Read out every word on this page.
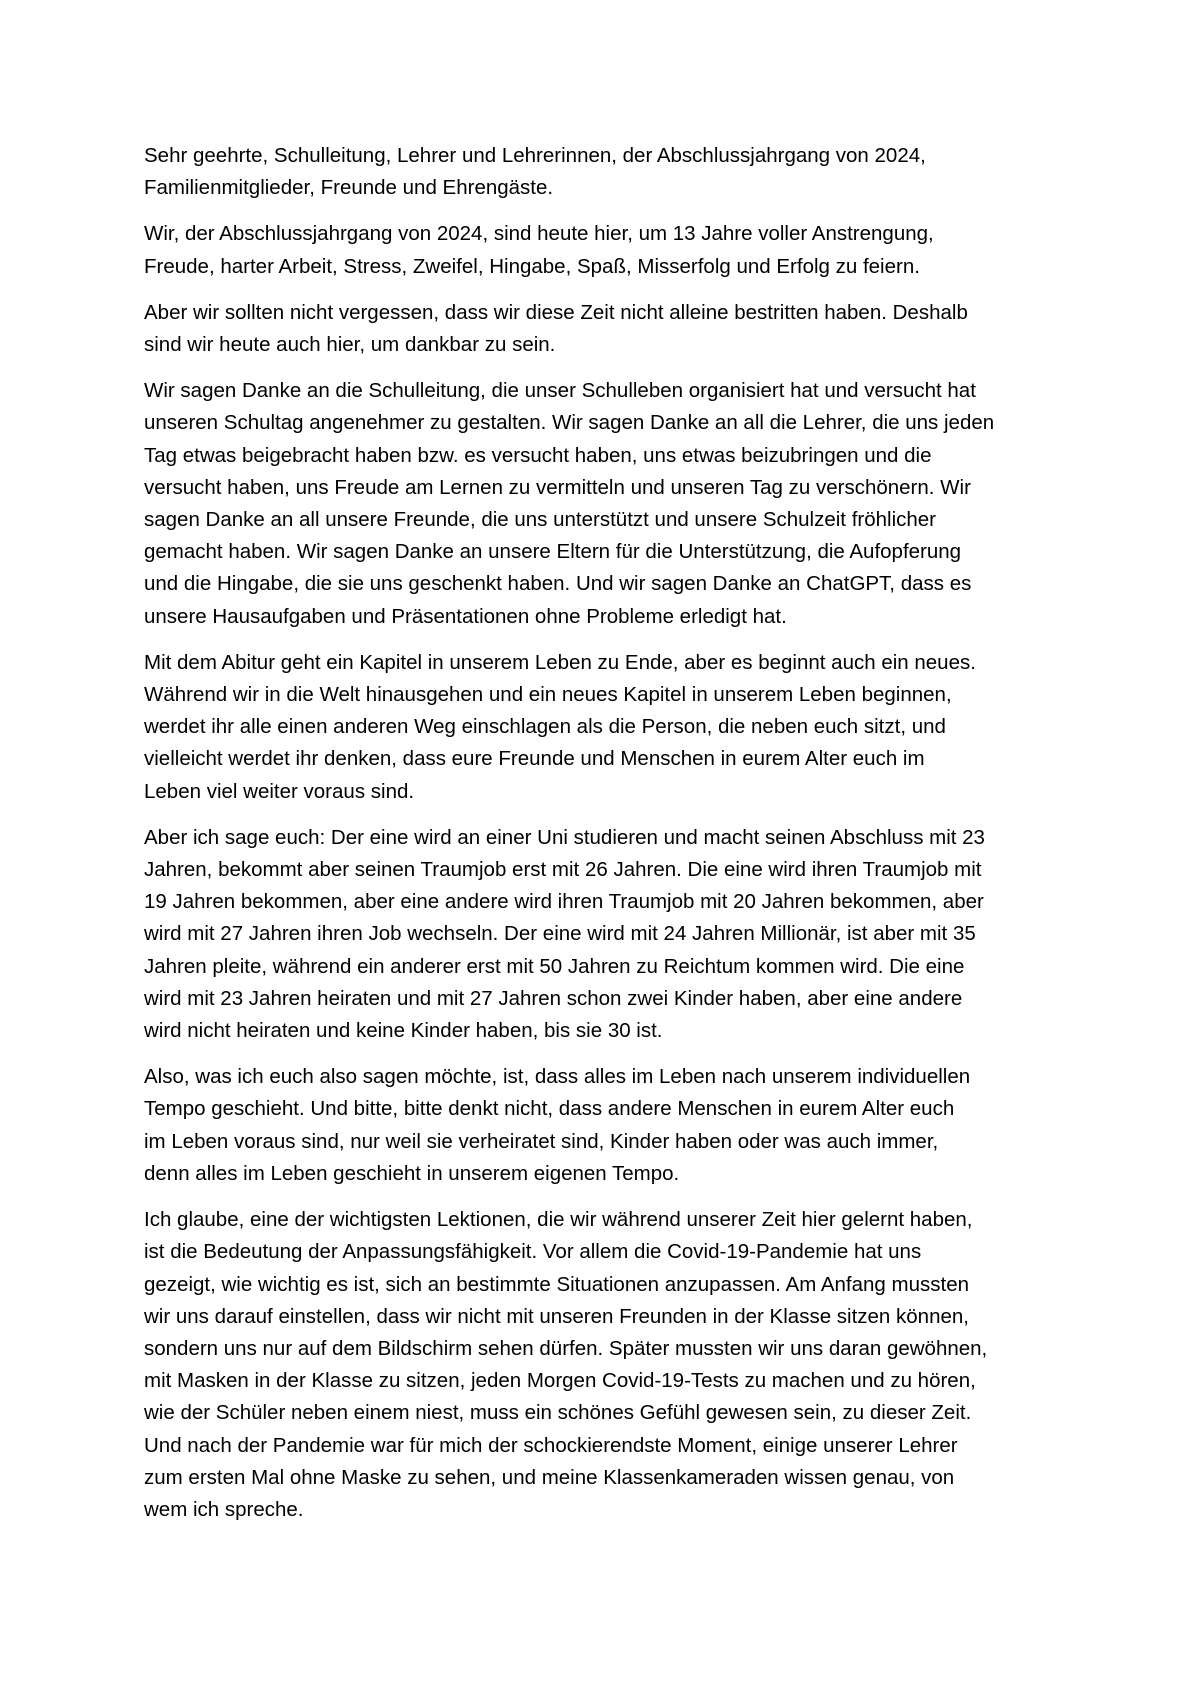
Sehr geehrte, Schulleitung, Lehrer und Lehrerinnen, der Abschlussjahrgang von 2024,
Familienmitglieder, Freunde und Ehrengäste.

Wir, der Abschlussjahrgang von 2024, sind heute hier, um 13 Jahre voller Anstrengung,
Freude, harter Arbeit, Stress, Zweifel, Hingabe, Spaß, Misserfolg und Erfolg zu feiern.

Aber wir sollten nicht vergessen, dass wir diese Zeit nicht alleine bestritten haben. Deshalb
sind wir heute auch hier, um dankbar zu sein.

Wir sagen Danke an die Schulleitung, die unser Schulleben organisiert hat und versucht hat
unseren Schultag angenehmer zu gestalten. Wir sagen Danke an all die Lehrer, die uns jeden
Tag etwas beigebracht haben bzw. es versucht haben, uns etwas beizubringen und die
versucht haben, uns Freude am Lernen zu vermitteln und unseren Tag zu verschönern. Wir
sagen Danke an all unsere Freunde, die uns unterstützt und unsere Schulzeit fröhlicher
gemacht haben. Wir sagen Danke an unsere Eltern für die Unterstützung, die Aufopferung
und die Hingabe, die sie uns geschenkt haben. Und wir sagen Danke an ChatGPT, dass es
unsere Hausaufgaben und Präsentationen ohne Probleme erledigt hat.

Mit dem Abitur geht ein Kapitel in unserem Leben zu Ende, aber es beginnt auch ein neues.
Während wir in die Welt hinausgehen und ein neues Kapitel in unserem Leben beginnen,
werdet ihr alle einen anderen Weg einschlagen als die Person, die neben euch sitzt, und
vielleicht werdet ihr denken, dass eure Freunde und Menschen in eurem Alter euch im
Leben viel weiter voraus sind.

Aber ich sage euch: Der eine wird an einer Uni studieren und macht seinen Abschluss mit 23
Jahren, bekommt aber seinen Traumjob erst mit 26 Jahren. Die eine wird ihren Traumjob mit
19 Jahren bekommen, aber eine andere wird ihren Traumjob mit 20 Jahren bekommen, aber
wird mit 27 Jahren ihren Job wechseln. Der eine wird mit 24 Jahren Millionär, ist aber mit 35
Jahren pleite, während ein anderer erst mit 50 Jahren zu Reichtum kommen wird. Die eine
wird mit 23 Jahren heiraten und mit 27 Jahren schon zwei Kinder haben, aber eine andere
wird nicht heiraten und keine Kinder haben, bis sie 30 ist.

Also, was ich euch also sagen möchte, ist, dass alles im Leben nach unserem individuellen
Tempo geschieht. Und bitte, bitte denkt nicht, dass andere Menschen in eurem Alter euch
im Leben voraus sind, nur weil sie verheiratet sind, Kinder haben oder was auch immer,
denn alles im Leben geschieht in unserem eigenen Tempo.

Ich glaube, eine der wichtigsten Lektionen, die wir während unserer Zeit hier gelernt haben,
ist die Bedeutung der Anpassungsfähigkeit. Vor allem die Covid-19-Pandemie hat uns
gezeigt, wie wichtig es ist, sich an bestimmte Situationen anzupassen. Am Anfang mussten
wir uns darauf einstellen, dass wir nicht mit unseren Freunden in der Klasse sitzen können,
sondern uns nur auf dem Bildschirm sehen dürfen. Später mussten wir uns daran gewöhnen,
mit Masken in der Klasse zu sitzen, jeden Morgen Covid-19-Tests zu machen und zu hören,
wie der Schüler neben einem niest, muss ein schönes Gefühl gewesen sein, zu dieser Zeit.
Und nach der Pandemie war für mich der schockierendste Moment, einige unserer Lehrer
zum ersten Mal ohne Maske zu sehen, und meine Klassenkameraden wissen genau, von
wem ich spreche.
